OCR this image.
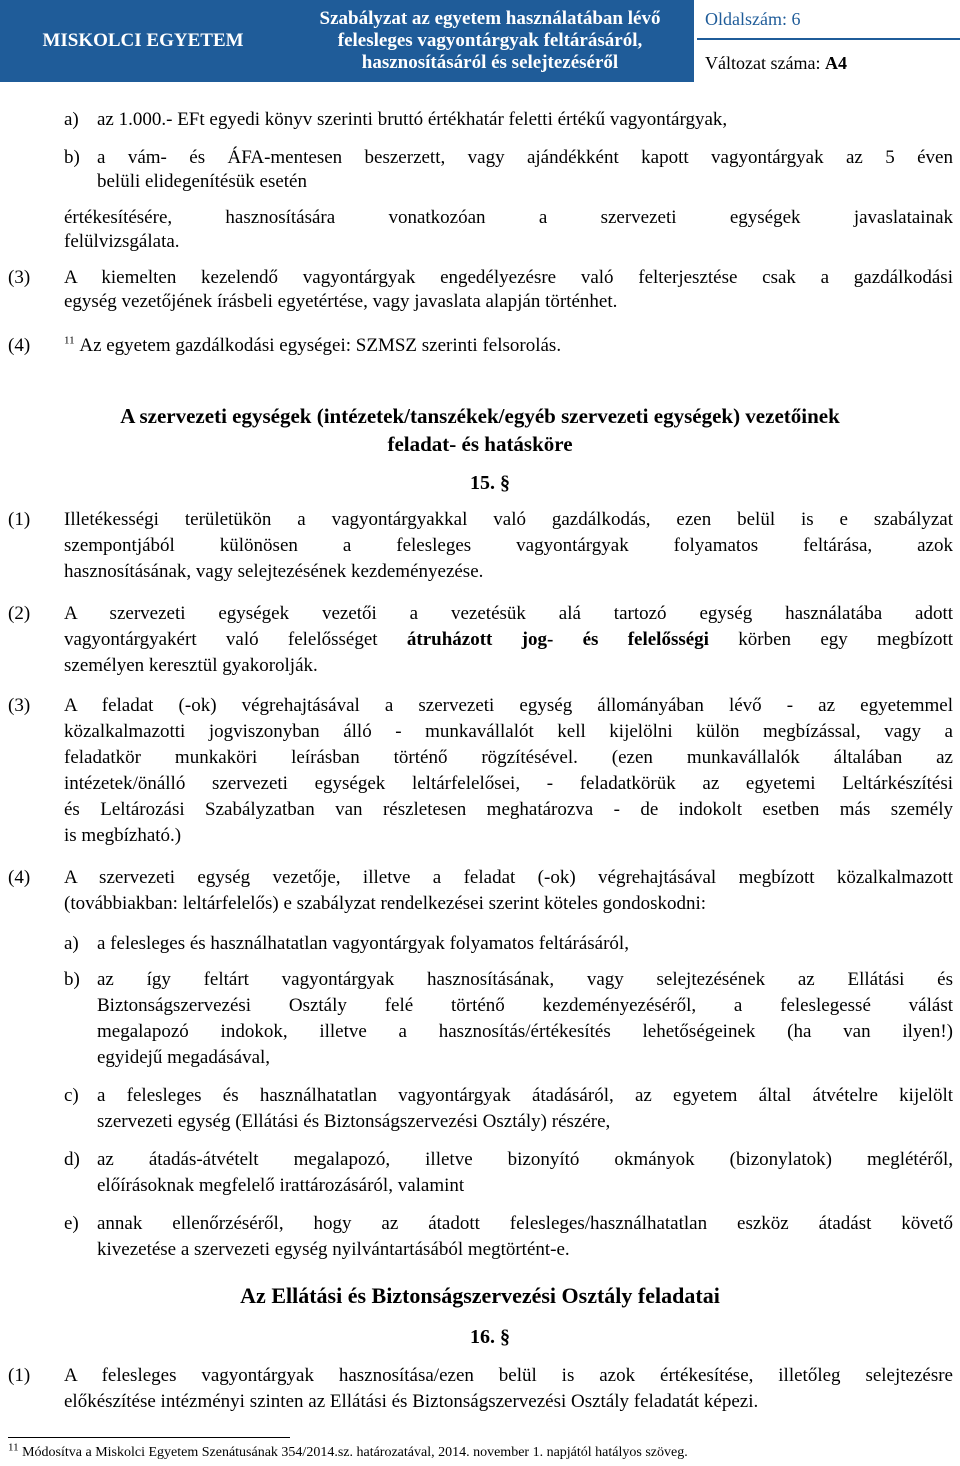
MISKOLCI EGYETEM
Szabályzat az egyetem használatában lévő
felesleges vagyontárgyak feltárásáról,
hasznosításáról és selejtezéséről
Oldalszám:
6
Változat száma:
A4
a) az 1.000.- EFt egyedi könyv szerinti bruttó értékhatár feletti értékű vagyontárgyak,
b) a vám- és ÁFA-mentesen beszerzett, vagy ajándékként kapott vagyontárgyak az 5 éven
belüli elidegenítésük esetén
értékesítésére, hasznosítására vonatkozóan a szervezeti egységek javaslatainak
felülvizsgálata.
(3) A kiemelten kezelendő vagyontárgyak engedélyezésre való felterjesztése csak a gazdálkodási
egység vezetőjének írásbeli egyetértése, vagy javaslata alapján történhet.
(4)	$^{11}$ Az egyetem gazdálkodási egységei: SZMSZ szerinti felsorolás.
A szervezeti egységek (intézetek/tanszékek/egyéb szervezeti egységek) vezetőinek
feladat- és hatásköre
15. §
(1) Illetékességi területükön a vagyontárgyakkal való gazdálkodás, ezen belül is e szabályzat
szempontjából különösen a felesleges vagyontárgyak folyamatos feltárása, azok
hasznosításának, vagy selejtezésének kezdeményezése.
(2) A szervezeti egységek vezetői a vezetésük alá tartozó egység használatába adott
vagyontárgyakért való felelősséget átruházott jog- és felelősségi körben egy megbízott
személyen keresztül gyakorolják.
(3) A feladat (-ok) végrehajtásával a szervezeti egység állományában lévő - az egyetemmel
közalkalmazotti jogviszonyban álló - munkavállalót kell kijelölni külön megbízással, vagy a
feladatkör munkaköri leírásban történő rögzítésével. (ezen munkavállalók általában az
intézetek/önálló szervezeti egységek leltárfelelősei, - feladatkörük az egyetemi Leltárkészítési
és Leltározási Szabályzatban van részletesen meghatározva - de indokolt esetben más személy
is megbízható.)
(4) A szervezeti egység vezetője, illetve a feladat (-ok) végrehajtásával megbízott közalkalmazott
(továbbiakban: leltárfelelős) e szabályzat rendelkezései szerint köteles gondoskodni:
a) a felesleges és használhatatlan vagyontárgyak folyamatos feltárásáról,
b) az így feltárt vagyontárgyak hasznosításának, vagy selejtezésének az Ellátási és
Biztonságszervezési Osztály felé történő kezdeményezéséről, a feleslegessé válást
megalapozó indokok, illetve a hasznosítás/értékesítés lehetőségeinek (ha van ilyen!)
egyidejű megadásával,
c) a felesleges és használhatatlan vagyontárgyak átadásáról, az egyetem által átvételre kijelölt
szervezeti egység (Ellátási és Biztonságszervezési Osztály) részére,
d) az átadás-átvételt megalapozó, illetve bizonyító okmányok (bizonylatok) meglétéről,
előírásoknak megfelelő irattározásáról, valamint
e) annak ellenőrzéséről, hogy az átadott felesleges/használhatatlan eszköz átadást követő
kivezetése a szervezeti egység nyilvántartásából megtörtént-e.
Az Ellátási és Biztonságszervezési Osztály feladatai
16. §
(1) A felesleges vagyontárgyak hasznosítása/ezen belül is azok értékesítése, illetőleg selejtezésre
előkészítése intézményi szinten az Ellátási és Biztonságszervezési Osztály feladatát képezi.
$^{11}$ Módosítva a Miskolci Egyetem Szenátusának 354/2014.sz. határozatával, 2014. november 1. napjától hatályos szöveg.
